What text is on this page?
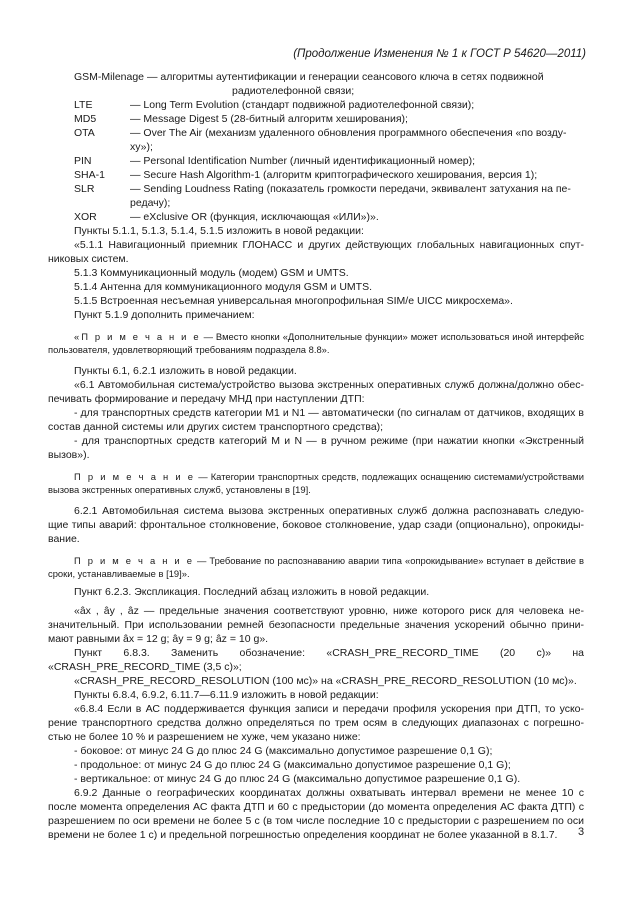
(Продолжение Изменения № 1 к ГОСТ Р 54620—2011)
GSM-Milenage — алгоритмы аутентификации и генерации сеансового ключа в сетях подвижной
радиотелефонной связи;
LTE	— Long Term Evolution (стандарт подвижной радиотелефонной связи);
MD5	— Message Digest 5 (28-битный алгоритм хеширования);
OTA	— Over The Air (механизм удаленного обновления программного обеспечения «по возду-ху»);
PIN	— Personal Identification Number (личный идентификационный номер);
SHA-1	— Secure Hash Algorithm-1 (алгоритм криптографического хеширования, версия 1);
SLR	— Sending Loudness Rating (показатель громкости передачи, эквивалент затухания на пе-редачу);
XOR	— eXclusive OR (функция, исключающая «ИЛИ»)».
Пункты 5.1.1, 5.1.3, 5.1.4, 5.1.5 изложить в новой редакции:
«5.1.1 Навигационный приемник ГЛОНАСС и других действующих глобальных навигационных спут-никовых систем.
5.1.3 Коммуникационный модуль (модем) GSM и UMTS.
5.1.4 Антенна для коммуникационного модуля GSM и UMTS.
5.1.5 Встроенная несъемная универсальная многопрофильная SIM/e UICC микросхема».
Пункт 5.1.9 дополнить примечанием:
«П р и м е ч а н и е — Вместо кнопки «Дополнительные функции» может использоваться иной интерфейс пользователя, удовлетворяющий требованиям подраздела 8.8».
Пункты 6.1, 6.2.1 изложить в новой редакции.
«6.1 Автомобильная система/устройство вызова экстренных оперативных служб должна/должно обес-печивать формирование и передачу МНД при наступлении ДТП:
- для транспортных средств категории M1 и N1 — автоматически (по сигналам от датчиков, входящих в состав данной системы или других систем транспортного средства);
- для транспортных средств категорий M и N — в ручном режиме (при нажатии кнопки «Экстренный вызов»).
П р и м е ч а н и е — Категории транспортных средств, подлежащих оснащению системами/устройствами вызова экстренных оперативных служб, установлены в [19].
6.2.1 Автомобильная система вызова экстренных оперативных служб должна распознавать следую-щие типы аварий: фронтальное столкновение, боковое столкновение, удар сзади (опционально), опрокиды-вание.
П р и м е ч а н и е — Требование по распознаванию аварии типа «опрокидывание» вступает в действие в сроки, устанавливаемые в [19]».
Пункт 6.2.3. Экспликация. Последний абзац изложить в новой редакции.
«âx , ây , âz — предельные значения соответствуют уровню, ниже которого риск для человека не-значительный. При использовании ремней безопасности предельные значения ускорений обычно прини-мают равными âx = 12 g; ây = 9 g; âz = 10 g».
Пункт 6.8.3. Заменить обозначение: «CRASH_PRE_RECORD_TIME (20 c)» на «CRASH_PRE_RECORD_TIME (3,5 c)»;
«CRASH_PRE_RECORD_RESOLUTION (100 мс)» на «CRASH_PRE_RECORD_RESOLUTION (10 мс)».
Пункты 6.8.4, 6.9.2, 6.11.7—6.11.9 изложить в новой редакции:
«6.8.4 Если в АС поддерживается функция записи и передачи профиля ускорения при ДТП, то уско-рение транспортного средства должно определяться по трем осям в следующих диапазонах с погрешно-стью не более 10 % и разрешением не хуже, чем указано ниже:
- боковое: от минус 24 G до плюс 24 G (максимально допустимое разрешение 0,1 G);
- продольное: от минус 24 G до плюс 24 G (максимально допустимое разрешение 0,1 G);
- вертикальное: от минус 24 G до плюс 24 G (максимально допустимое разрешение 0,1 G).
6.9.2 Данные о географических координатах должны охватывать интервал времени не менее 10 с после момента определения АС факта ДТП и 60 с предыстории (до момента определения АС факта ДТП) с разрешением по оси времени не более 5 с (в том числе последние 10 с предыстории с разрешением по оси времени не более 1 с) и предельной погрешностью определения координат не более указанной в 8.1.7.	3
